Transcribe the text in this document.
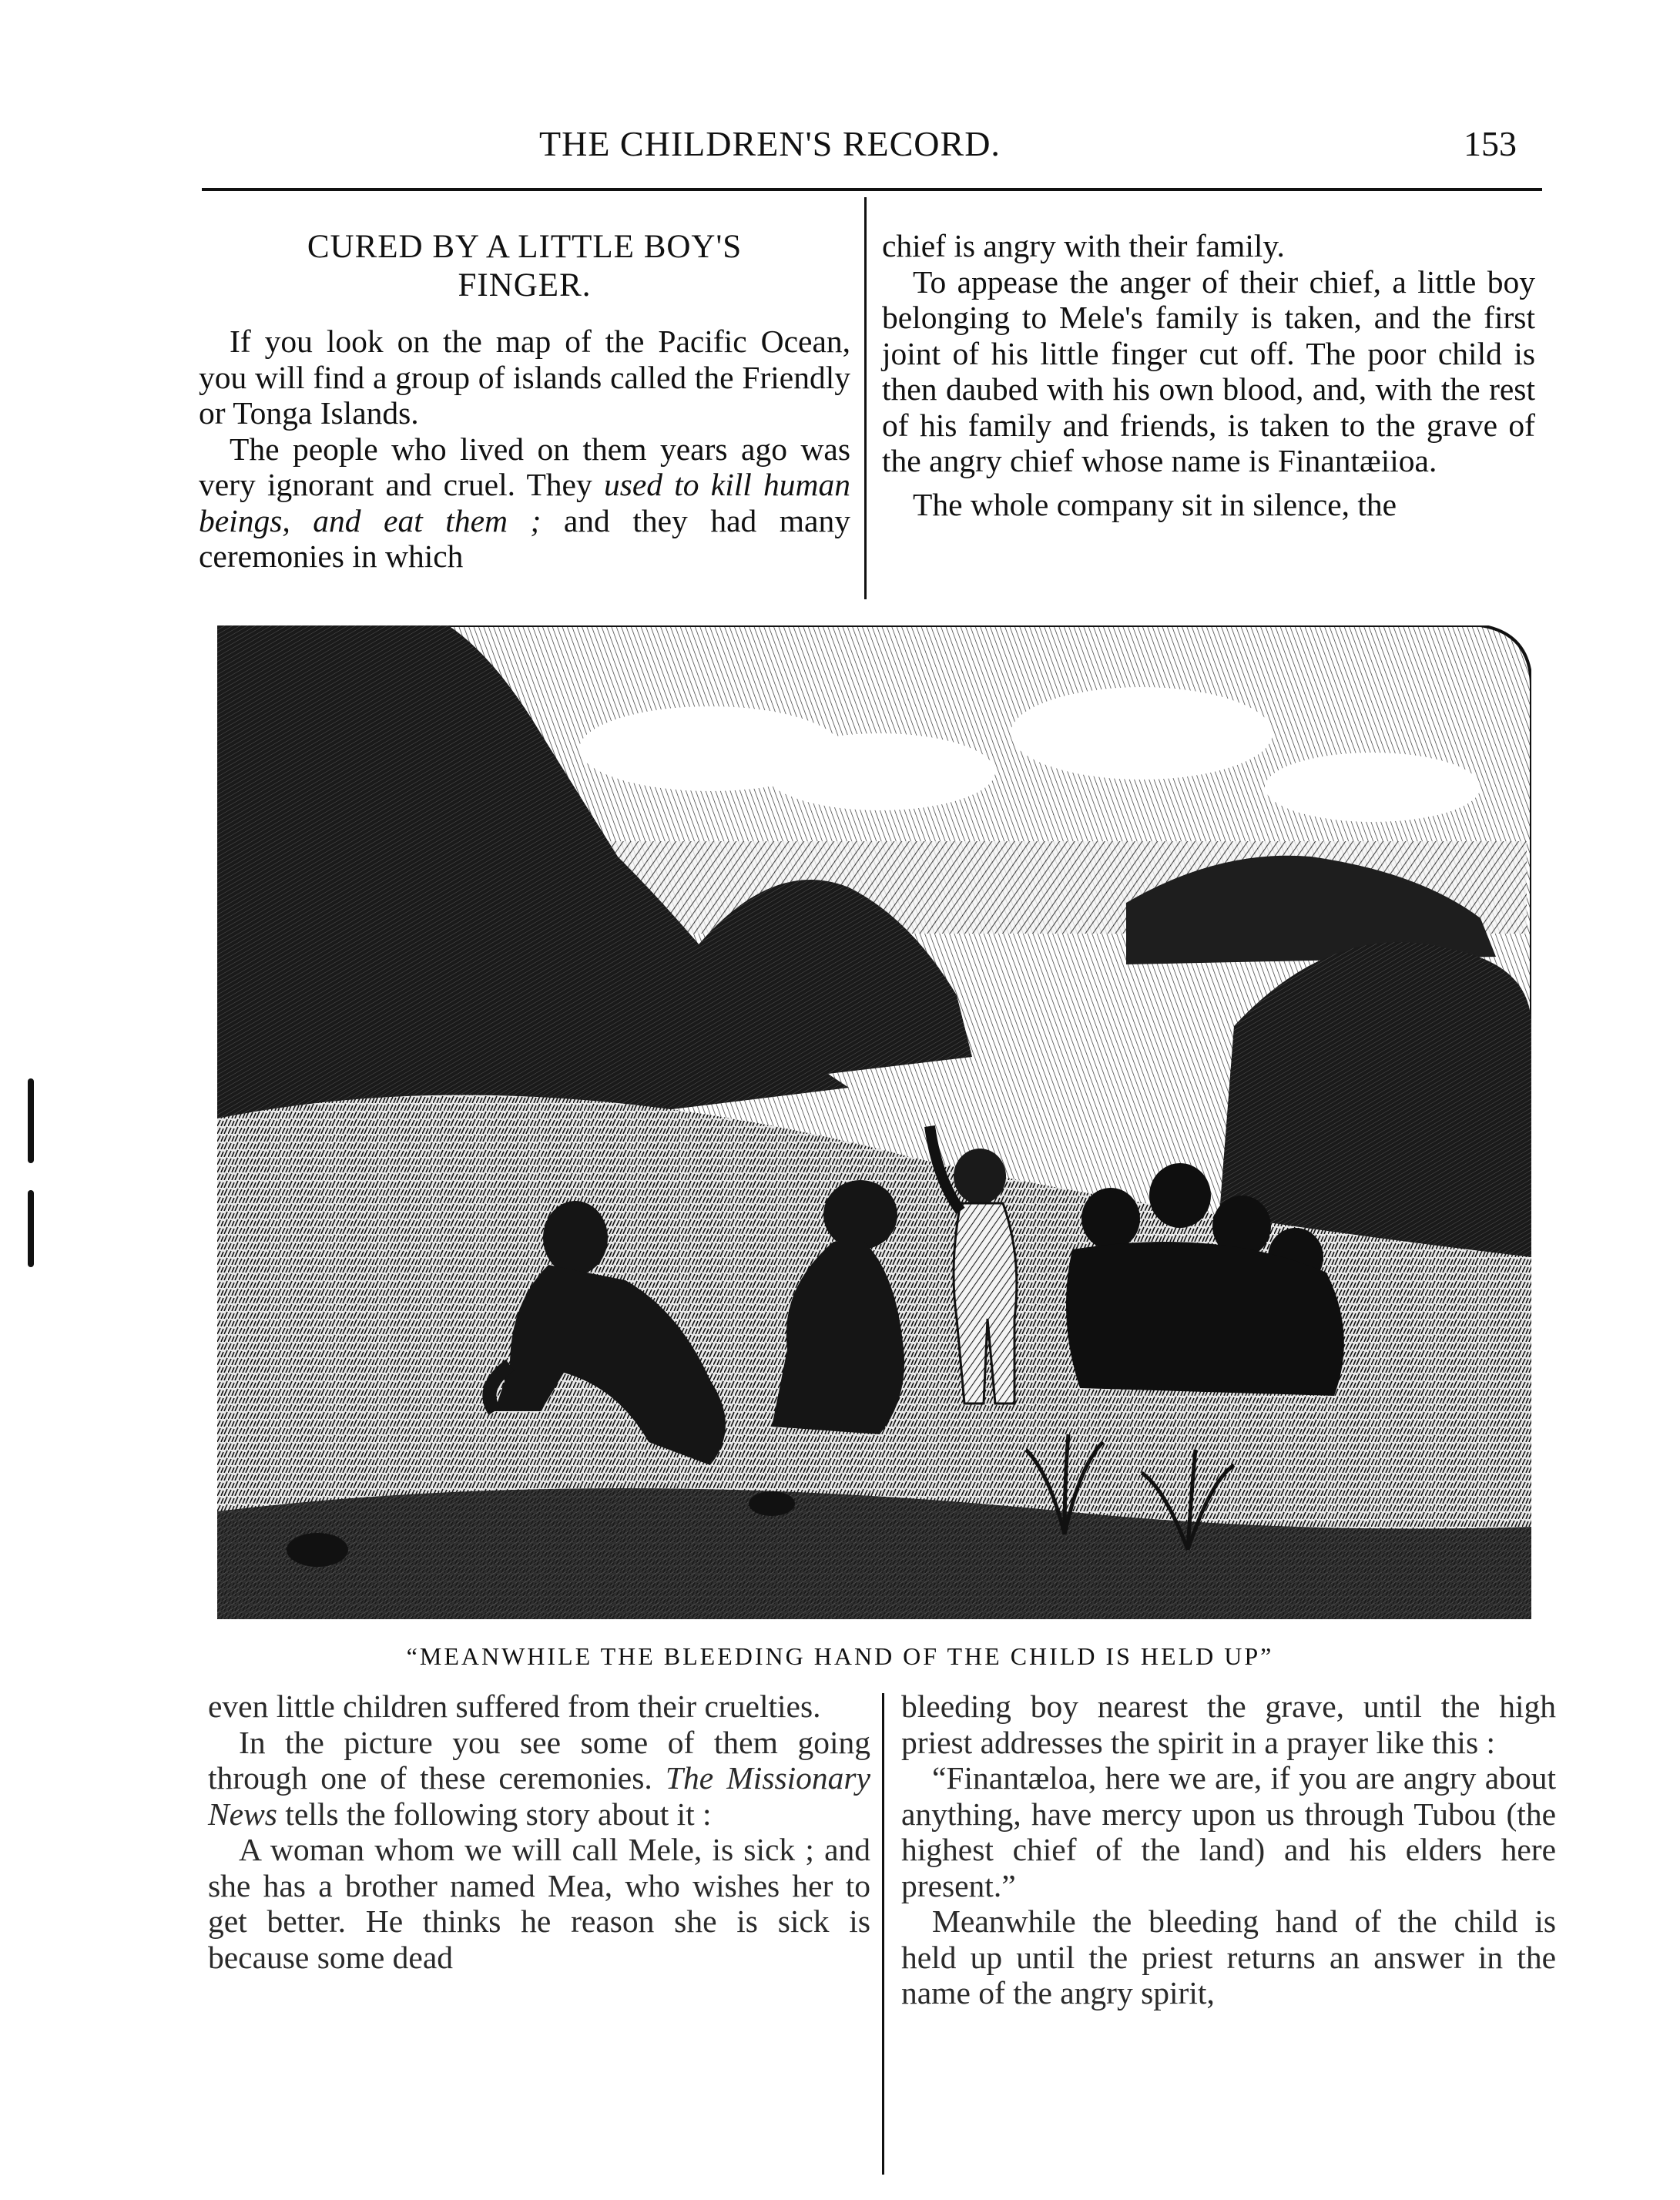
THE CHILDREN'S RECORD.	153
CURED BY A LITTLE BOY'S
FINGER.

If you look on the map of the Pacific Ocean, you will find a group of islands called the Friendly or Tonga Islands.

The people who lived on them years ago was very ignorant and cruel. They used to kill human beings, and eat them ; and they had many ceremonies in which

chief is angry with their family.

To appease the anger of their chief, a little boy belonging to Mele's family is taken, and the first joint of his little finger cut off. The poor child is then daubed with his own blood, and, with the rest of his family and friends, is taken to the grave of the angry chief whose name is Finantæiioa.

The whole company sit in silence, the

“MEANWHILE THE BLEEDING HAND OF THE CHILD IS HELD UP”

even little children suffered from their cruelties.

In the picture you see some of them going through one of these ceremonies. The Missionary News tells the following story about it :

A woman whom we will call Mele, is sick ; and she has a brother named Mea, who wishes her to get better. He thinks he reason she is sick is because some dead

bleeding boy nearest the grave, until the high priest addresses the spirit in a prayer like this :

“Finantæloa, here we are, if you are angry about anything, have mercy upon us through Tubou (the highest chief of the land) and his elders here present.”

Meanwhile the bleeding hand of the child is held up until the priest returns an answer in the name of the angry spirit,
